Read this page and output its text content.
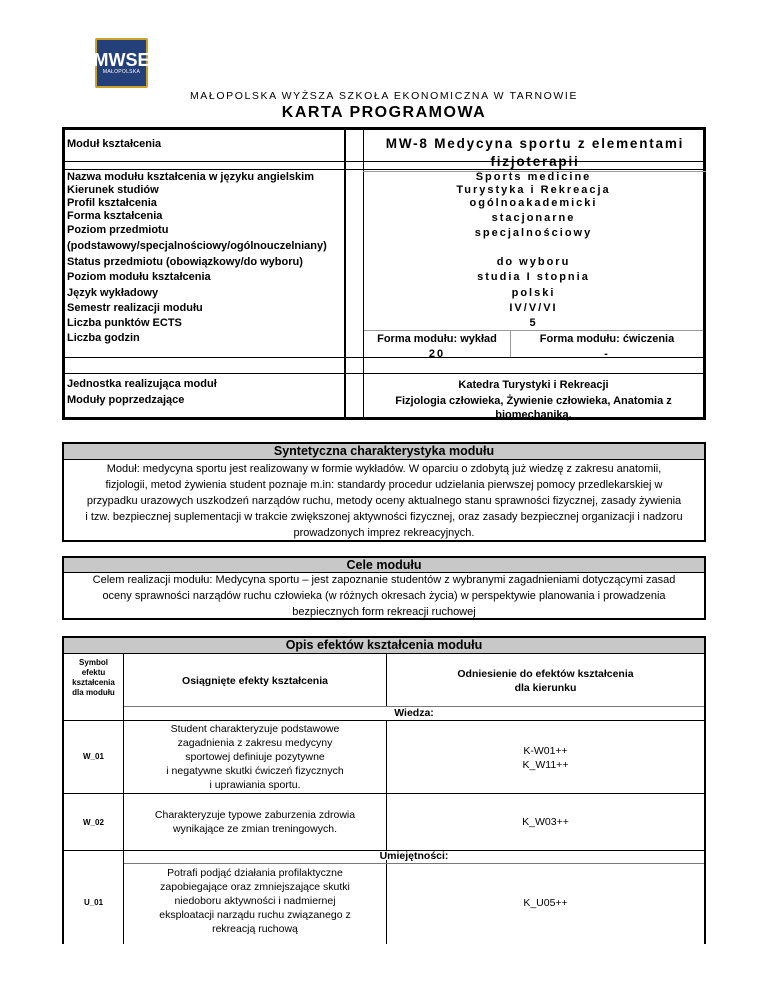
MWSE
MAŁOPOLSKA
MAŁOPOLSKA WYŻSZA SZKOŁA EKONOMICZNA W TARNOWIE
KARTA PROGRAMOWA
Moduł kształcenia	MW-8 Medycyna sportu z elementami fizjoterapii
Nazwa modułu kształcenia w języku angielskim
Kierunek studiów
Profil kształcenia
Forma kształcenia
Poziom przedmiotu
(podstawowy/specjalnościowy/ogólnouczelniany)
Status przedmiotu (obowiązkowy/do wyboru)
Poziom modułu kształcenia
Język wykładowy
Semestr realizacji modułu
Liczba punktów ECTS
Liczba godzin
Sports medicine
Turystyka i Rekreacja
ogólnoakademicki
stacjonarne
specjalnościowy
do wyboru
studia I stopnia
polski
IV/V/VI
5
Forma modułu: wykład
20
Forma modułu: ćwiczenia
-
Jednostka realizująca moduł
Moduły poprzedzające
Katedra Turystyki i Rekreacji
Fizjologia człowieka, Żywienie człowieka, Anatomia z
biomechaniką,
Syntetyczna charakterystyka modułu
Moduł: medycyna sportu jest realizowany w formie wykładów. W oparciu o zdobytą już wiedzę z zakresu anatomii,
fizjologii, metod żywienia student poznaje m.in: standardy procedur udzielania pierwszej pomocy przedlekarskiej w
przypadku urazowych uszkodzeń narządów ruchu, metody oceny aktualnego stanu sprawności fizycznej, zasady żywienia
i tzw. bezpiecznej suplementacji w trakcie zwiększonej aktywności fizycznej, oraz zasady bezpiecznej organizacji i nadzoru
prowadzonych imprez rekreacyjnych.
Cele modułu
Celem realizacji modułu: Medycyna sportu – jest zapoznanie studentów z wybranymi zagadnieniami dotyczącymi zasad
oceny sprawności narządów ruchu człowieka (w różnych okresach życia) w perspektywie planowania i prowadzenia
bezpiecznych form rekreacji ruchowej
Opis efektów kształcenia modułu
Symbol
efektu
kształcenia
dla modułu
Osiągnięte efekty kształcenia
Odniesienie do efektów kształcenia
dla kierunku
Wiedza:
W_01
Student charakteryzuje podstawowe
zagadnienia z zakresu medycyny
sportowej definiuje pozytywne
i negatywne skutki ćwiczeń fizycznych
i uprawiania sportu.
K-W01++
K_W11++
W_02
Charakteryzuje typowe zaburzenia zdrowia
wynikające ze zmian treningowych.
K_W03++
Umiejętności:
U_01
Potrafi podjąć działania profilaktyczne
zapobiegające oraz zmniejszające skutki
niedoboru aktywności i nadmiernej
eksploatacji narządu ruchu związanego z
rekreacją ruchową
K_U05++
